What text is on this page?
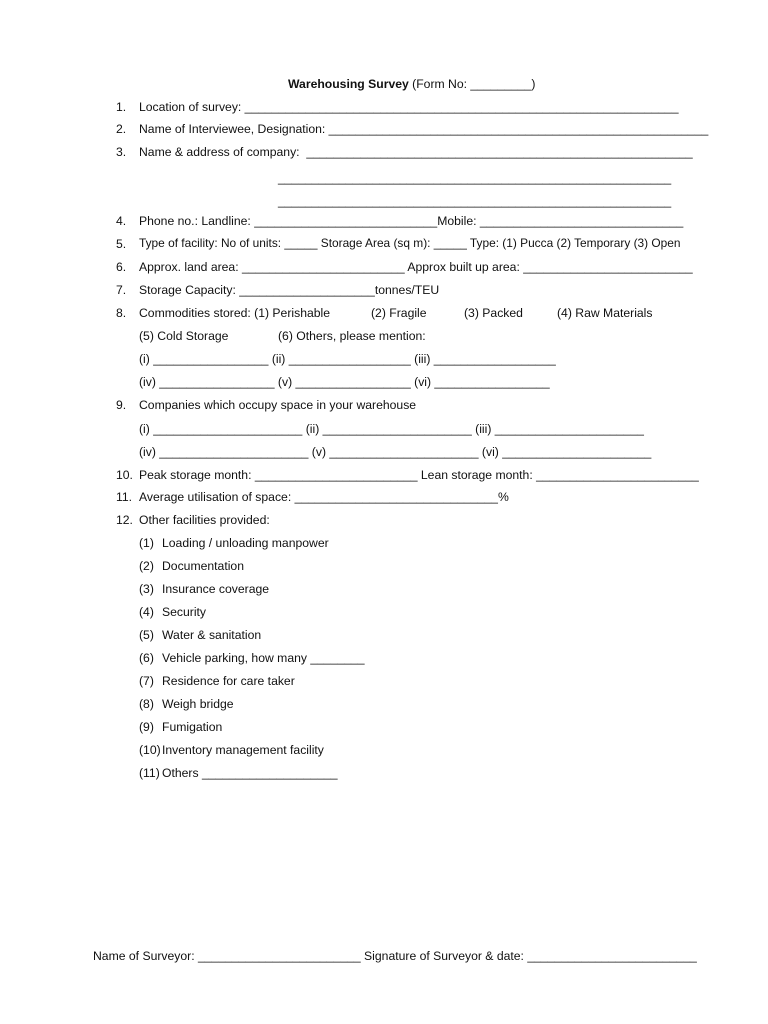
Warehousing Survey (Form No: _________)
1. Location of survey: ________________________________________________________________
2. Name of Interviewee, Designation: ________________________________________________________
3. Name & address of company:  _________________________________________________________
__________________________________________________________
__________________________________________________________
4. Phone no.: Landline: ___________________________Mobile: ______________________________
5. Type of facility: No of units: _____ Storage Area (sq m): _____ Type: (1) Pucca (2) Temporary (3) Open
6. Approx. land area: ________________________ Approx built up area: _________________________
7. Storage Capacity: ____________________tonnes/TEU
8. Commodities stored: (1) Perishable	(2) Fragile	(3) Packed	(4) Raw Materials
(5) Cold Storage	(6) Others, please mention:
(i) _________________ (ii) __________________ (iii) __________________
(iv) _________________ (v) _________________ (vi) _________________
9. Companies which occupy space in your warehouse
(i) ______________________ (ii) ______________________ (iii) ______________________
(iv) ______________________ (v) ______________________ (vi) ______________________
10. Peak storage month: ________________________ Lean storage month: ________________________
11. Average utilisation of space: ______________________________%
12. Other facilities provided:
(1) Loading / unloading manpower
(2) Documentation
(3) Insurance coverage
(4) Security
(5) Water & sanitation
(6) Vehicle parking, how many ________
(7) Residence for care taker
(8) Weigh bridge
(9) Fumigation
(10) Inventory management facility
(11) Others ____________________
Name of Surveyor: ________________________ Signature of Surveyor & date: _________________________
